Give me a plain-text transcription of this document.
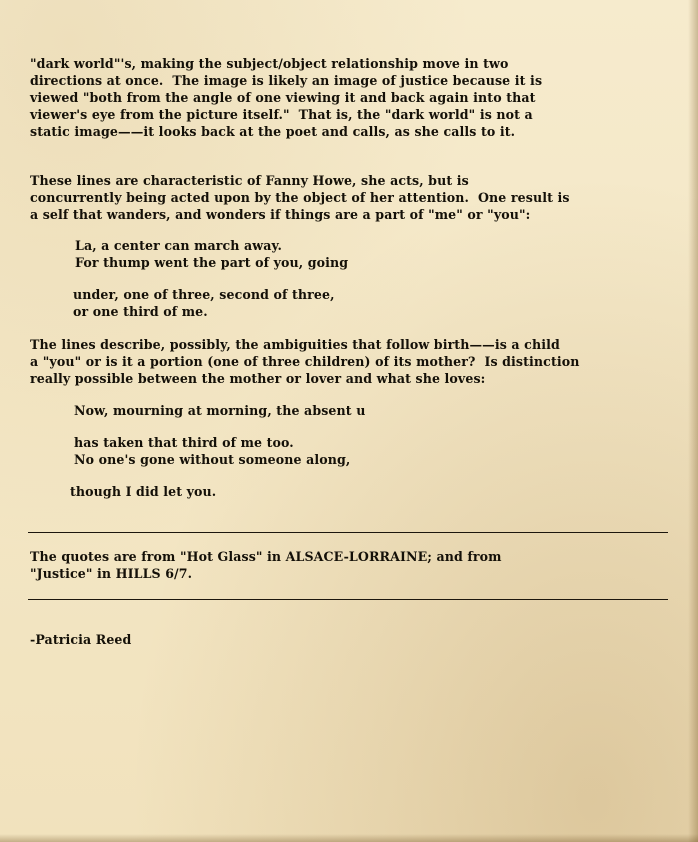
"dark world"'s, making the subject/object relationship move in two
directions at once.  The image is likely an image of justice because it is
viewed "both from the angle of one viewing it and back again into that
viewer's eye from the picture itself."  That is, the "dark world" is not a
static image——it looks back at the poet and calls, as she calls to it.
These lines are characteristic of Fanny Howe, she acts, but is
concurrently being acted upon by the object of her attention.  One result is
a self that wanders, and wonders if things are a part of "me" or "you":
La, a center can march away.
For thump went the part of you, going
under, one of three, second of three,
or one third of me.
The lines describe, possibly, the ambiguities that follow birth——is a child
a "you" or is it a portion (one of three children) of its mother?  Is distinction
really possible between the mother or lover and what she loves:
Now, mourning at morning, the absent u
has taken that third of me too.
No one's gone without someone along,
though I did let you.
The quotes are from "Hot Glass" in ALSACE-LORRAINE; and from
"Justice" in HILLS 6/7.
-Patricia Reed
